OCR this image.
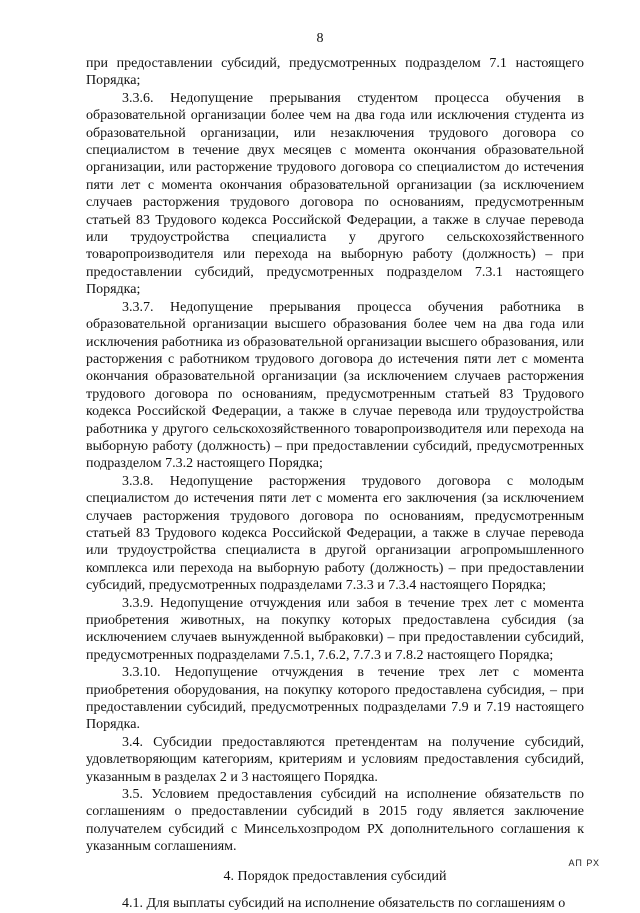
8

при предоставлении субсидий, предусмотренных подразделом 7.1 настоящего Порядка;

3.3.6. Недопущение прерывания студентом процесса обучения в образовательной организации более чем на два года или исключения студента из образовательной организации, или незаключения трудового договора со специалистом в течение двух месяцев с момента окончания образовательной организации, или расторжение трудового договора со специалистом до истечения пяти лет с момента окончания образовательной организации (за исключением случаев расторжения трудового договора по основаниям, предусмотренным статьей 83 Трудового кодекса Российской Федерации, а также в случае перевода или трудоустройства специалиста у другого сельскохозяйственного товаропроизводителя или перехода на выборную работу (должность) – при предоставлении субсидий, предусмотренных подразделом 7.3.1 настоящего Порядка;

3.3.7. Недопущение прерывания процесса обучения работника в образовательной организации высшего образования более чем на два года или исключения работника из образовательной организации высшего образования, или расторжения с работником трудового договора до истечения пяти лет с момента окончания образовательной организации (за исключением случаев расторжения трудового договора по основаниям, предусмотренным статьей 83 Трудового кодекса Российской Федерации, а также в случае перевода или трудоустройства работника у другого сельскохозяйственного товаропроизводителя или перехода на выборную работу (должность) – при предоставлении субсидий, предусмотренных подразделом 7.3.2 настоящего Порядка;

3.3.8. Недопущение расторжения трудового договора с молодым специалистом до истечения пяти лет с момента его заключения (за исключением случаев расторжения трудового договора по основаниям, предусмотренным статьей 83 Трудового кодекса Российской Федерации, а также в случае перевода или трудоустройства специалиста в другой организации агропромышленного комплекса или перехода на выборную работу (должность) – при предоставлении субсидий, предусмотренных подразделами 7.3.3 и 7.3.4 настоящего Порядка;

3.3.9. Недопущение отчуждения или забоя в течение трех лет с момента приобретения животных, на покупку которых предоставлена субсидия (за исключением случаев вынужденной выбраковки) – при предоставлении субсидий, предусмотренных подразделами 7.5.1, 7.6.2, 7.7.3 и 7.8.2 настоящего Порядка;

3.3.10. Недопущение отчуждения в течение трех лет с момента приобретения оборудования, на покупку которого предоставлена субсидия, – при предоставлении субсидий, предусмотренных подразделами 7.9 и 7.19 настоящего Порядка.

3.4. Субсидии предоставляются претендентам на получение субсидий, удовлетворяющим категориям, критериям и условиям предоставления субсидий, указанным в разделах 2 и 3 настоящего Порядка.

3.5. Условием предоставления субсидий на исполнение обязательств по соглашениям о предоставлении субсидий в 2015 году является заключение получателем субсидий с Минсельхозпродом РХ дополнительного соглашения к указанным соглашениям.

4. Порядок предоставления субсидий

4.1. Для выплаты субсидий на исполнение обязательств по соглашениям о

АП РХ
